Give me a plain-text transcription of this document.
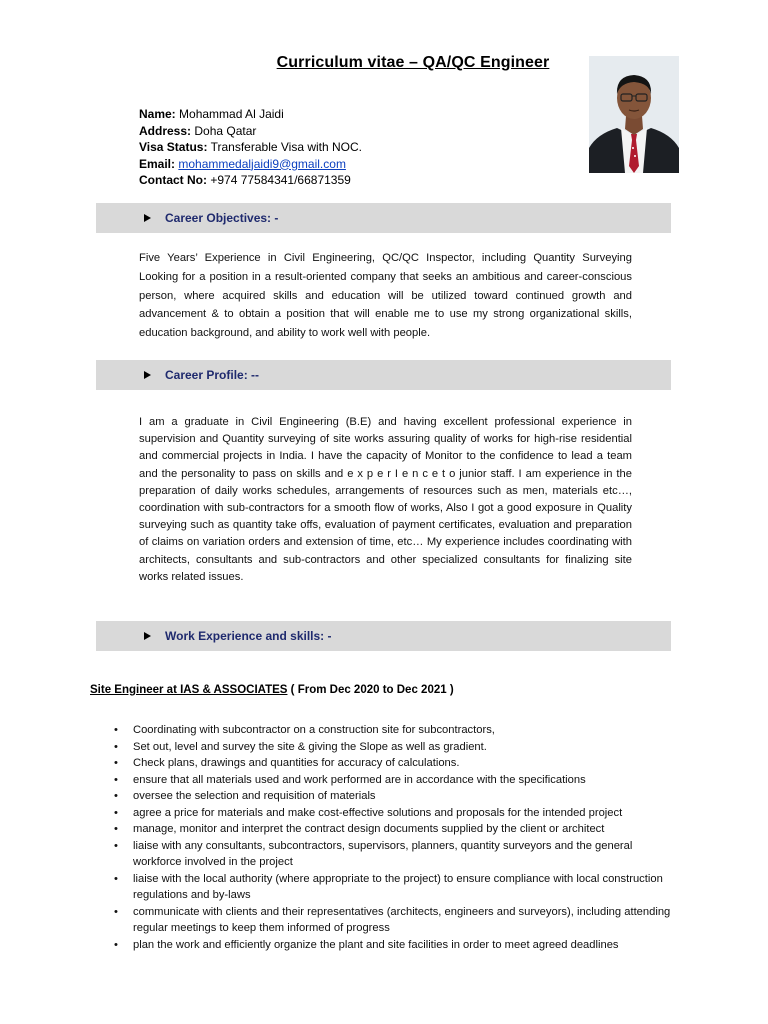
Curriculum vitae – QA/QC Engineer
Name: Mohammad Al Jaidi
Address: Doha Qatar
Visa Status: Transferable Visa with NOC.
Email: mohammedaljaidi9@gmail.com
Contact No: +974 77584341/66871359
Career Objectives: -

Five Years’ Experience in Civil Engineering, QC/QC Inspector, including Quantity Surveying Looking for a position in a result-oriented company that seeks an ambitious and career-conscious person, where acquired skills and education will be utilized toward continued growth and advancement & to obtain a position that will enable me to use my strong organizational skills, education background, and ability to work well with people.

Career Profile: --

I am a graduate in Civil Engineering (B.E) and having excellent professional experience in supervision and Quantity surveying of site works assuring quality of works for high-rise residential and commercial projects in India. I have the capacity of Monitor to the confidence to lead a team and the personality to pass on skills and e x p e r I e n c e t o junior staff. I am experience in the preparation of daily works schedules, arrangements of resources such as men, materials etc…, coordination with sub-contractors for a smooth flow of works, Also I got a good exposure in Quality surveying such as quantity take offs, evaluation of payment certificates, evaluation and preparation of claims on variation orders and extension of time, etc… My experience includes coordinating with architects, consultants and sub-contractors and other specialized consultants for finalizing site works related issues.

Work Experience and skills: -
Site Engineer at IAS & ASSOCIATES ( From Dec 2020 to Dec 2021 )
• Coordinating with subcontractor on a construction site for subcontractors,
• Set out, level and survey the site & giving the Slope as well as gradient.
• Check plans, drawings and quantities for accuracy of calculations.
• ensure that all materials used and work performed are in accordance with the specifications
• oversee the selection and requisition of materials
• agree a price for materials and make cost-effective solutions and proposals for the intended project
• manage, monitor and interpret the contract design documents supplied by the client or architect
• liaise with any consultants, subcontractors, supervisors, planners, quantity surveyors and the general workforce involved in the project
• liaise with the local authority (where appropriate to the project) to ensure compliance with local construction regulations and by-laws
• communicate with clients and their representatives (architects, engineers and surveyors), including attending regular meetings to keep them informed of progress
• plan the work and efficiently organize the plant and site facilities in order to meet agreed deadlines
